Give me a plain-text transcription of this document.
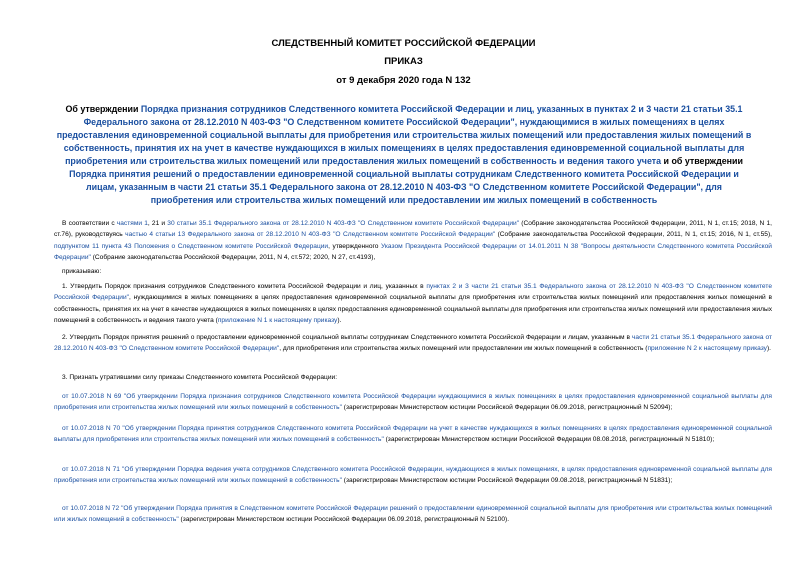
СЛЕДСТВЕННЫЙ КОМИТЕТ РОССИЙСКОЙ ФЕДЕРАЦИИ
ПРИКАЗ
от 9 декабря 2020 года N 132
Об утверждении Порядка признания сотрудников Следственного комитета Российской Федерации и лиц, указанных в пунктах 2 и 3 части 21 статьи 35.1 Федерального закона от 28.12.2010 N 403-ФЗ "О Следственном комитете Российской Федерации", нуждающимися в жилых помещениях в целях предоставления единовременной социальной выплаты для приобретения или строительства жилых помещений или предоставления жилых помещений в собственность, принятия их на учет в качестве нуждающихся в жилых помещениях в целях предоставления единовременной социальной выплаты для приобретения или строительства жилых помещений или предоставления жилых помещений в собственность и ведения такого учета и об утверждении Порядка принятия решений о предоставлении единовременной социальной выплаты сотрудникам Следственного комитета Российской Федерации и лицам, указанным в части 21 статьи 35.1 Федерального закона от 28.12.2010 N 403-ФЗ "О Следственном комитете Российской Федерации", для приобретения или строительства жилых помещений или предоставлении им жилых помещений в собственность
В соответствии с частями 1, 21 и 30 статьи 35.1 Федерального закона от 28.12.2010 N 403-ФЗ "О Следственном комитете Российской Федерации" (Собрание законодательства Российской Федерации, 2011, N 1, ст.15; 2018, N 1, ст.76), руководствуясь частью 4 статьи 13 Федерального закона от 28.12.2010 N 403-ФЗ "О Следственном комитете Российской Федерации" (Собрание законодательства Российской Федерации, 2011, N 1, ст.15; 2016, N 1, ст.55), подпунктом 11 пункта 43 Положения о Следственном комитете Российской Федерации, утвержденного Указом Президента Российской Федерации от 14.01.2011 N 38 "Вопросы деятельности Следственного комитета Российской Федерации" (Собрание законодательства Российской Федерации, 2011, N 4, ст.572; 2020, N 27, ст.4193),
приказываю:
1. Утвердить Порядок признания сотрудников Следственного комитета Российской Федерации и лиц, указанных в пунктах 2 и 3 части 21 статьи 35.1 Федерального закона от 28.12.2010 N 403-ФЗ "О Следственном комитете Российской Федерации", нуждающимися в жилых помещениях в целях предоставления единовременной социальной выплаты для приобретения или строительства жилых помещений или предоставления жилых помещений в собственность, принятия их на учет в качестве нуждающихся в жилых помещениях в целях предоставления единовременной социальной выплаты для приобретения или строительства жилых помещений или предоставления жилых помещений в собственность и ведения такого учета (приложение N 1 к настоящему приказу).
2. Утвердить Порядок принятия решений о предоставлении единовременной социальной выплаты сотрудникам Следственного комитета Российской Федерации и лицам, указанным в части 21 статьи 35.1 Федерального закона от 28.12.2010 N 403-ФЗ "О Следственном комитете Российской Федерации", для приобретения или строительства жилых помещений или предоставлении им жилых помещений в собственность (приложение N 2 к настоящему приказу).
3. Признать утратившими силу приказы Следственного комитета Российской Федерации:
от 10.07.2018 N 69 "Об утверждении Порядка признания сотрудников Следственного комитета Российской Федерации нуждающимися в жилых помещениях в целях предоставления единовременной социальной выплаты для приобретения или строительства жилых помещений или жилых помещений в собственность" (зарегистрирован Министерством юстиции Российской Федерации 06.09.2018, регистрационный N 52094);
от 10.07.2018 N 70 "Об утверждении Порядка принятия сотрудников Следственного комитета Российской Федерации на учет в качестве нуждающихся в жилых помещениях в целях предоставления единовременной социальной выплаты для приобретения или строительства жилых помещений или жилых помещений в собственность" (зарегистрирован Министерством юстиции Российской Федерации 08.08.2018, регистрационный N 51810);
от 10.07.2018 N 71 "Об утверждении Порядка ведения учета сотрудников Следственного комитета Российской Федерации, нуждающихся в жилых помещениях, в целях предоставления единовременной социальной выплаты для приобретения или строительства жилых помещений или жилых помещений в собственность" (зарегистрирован Министерством юстиции Российской Федерации 09.08.2018, регистрационный N 51831);
от 10.07.2018 N 72 "Об утверждении Порядка принятия в Следственном комитете Российской Федерации решений о предоставлении единовременной социальной выплаты для приобретения или строительства жилых помещений или жилых помещений в собственность" (зарегистрирован Министерством юстиции Российской Федерации 06.09.2018, регистрационный N 52100).
